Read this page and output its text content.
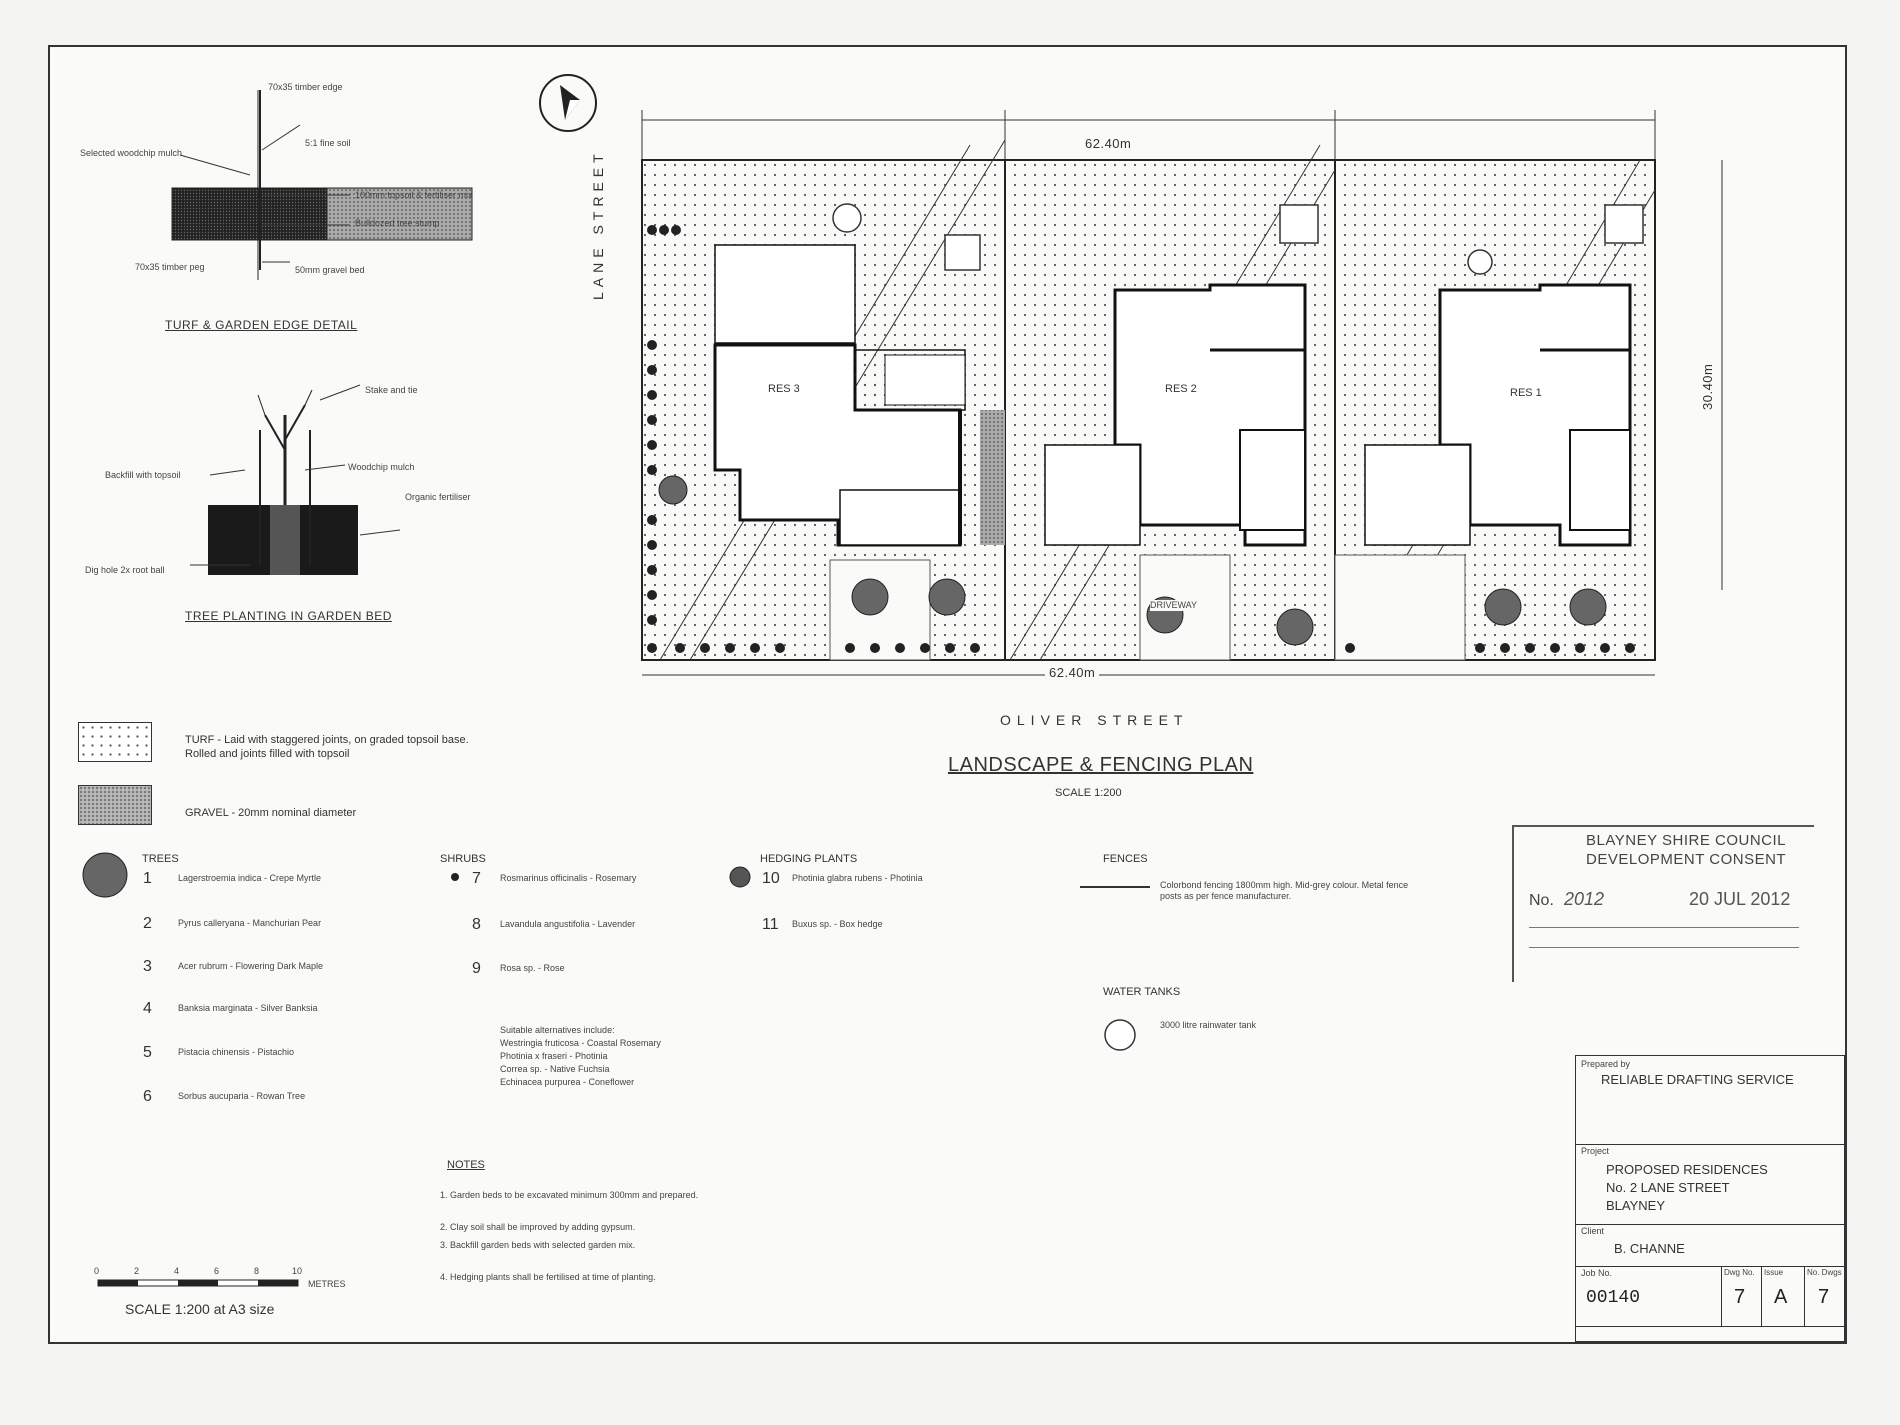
TURF & GARDEN EDGE DETAIL
TREE PLANTING IN GARDEN BED
70x35 timber edge
Selected woodchip mulch
5:1 fine soil
100mm topsoil & fertiliser mix
Bulldozed tree stump
50mm gravel bed
70x35 timber peg
Stake and tie
Woodchip mulch
Organic fertiliser
Backfill with topsoil
Dig hole 2x root ball
LANE STREET
OLIVER STREET
62.40m
62.40m
30.40m
RES 3	RES 2	RES 1
DRIVEWAY
LANDSCAPE & FENCING PLAN
SCALE 1:200
TURF - Laid with staggered joints, on graded topsoil base. Rolled and joints filled with topsoil
GRAVEL - 20mm nominal diameter
TREES
1	Lagerstroemia indica - Crepe Myrtle
2	Pyrus calleryana - Manchurian Pear
3	Acer rubrum - Flowering Dark Maple
4	Banksia marginata - Silver Banksia
5	Pistacia chinensis - Pistachio
6	Sorbus aucuparia - Rowan Tree
SHRUBS
7 Rosmarinus officinalis - Rosemary
8 Lavandula angustifolia - Lavender
9 Rosa sp. - Rose
Suitable alternatives include:
Westringia fruticosa - Coastal Rosemary
Photinia x fraseri - Photinia
Correa sp. - Native Fuchsia
Echinacea purpurea - Coneflower
HEDGING PLANTS
10 Photinia glabra rubens - Photinia
11 Buxus sp. - Box hedge
FENCES
Colorbond fencing 1800mm high. Mid-grey colour. Metal fence posts as per fence manufacturer.
WATER TANKS
3000 litre rainwater tank
NOTES
1. Garden beds to be excavated minimum 300mm and prepared.
2. Clay soil shall be improved by adding gypsum.
3. Backfill garden beds with selected garden mix.
4. Hedging plants shall be fertilised at time of planting.
0	2	4	6	8	10
METRES
SCALE 1:200 at A3 size
BLAYNEY SHIRE COUNCIL
DEVELOPMENT CONSENT
No. 2012	20 JUL 2012
Prepared by
RELIABLE DRAFTING SERVICE
Project
PROPOSED RESIDENCES
No. 2 LANE STREET
BLAYNEY
Client
B. CHANNE
Job No.
00140
Dwg No.
7
Issue
A
No. Dwgs
7
